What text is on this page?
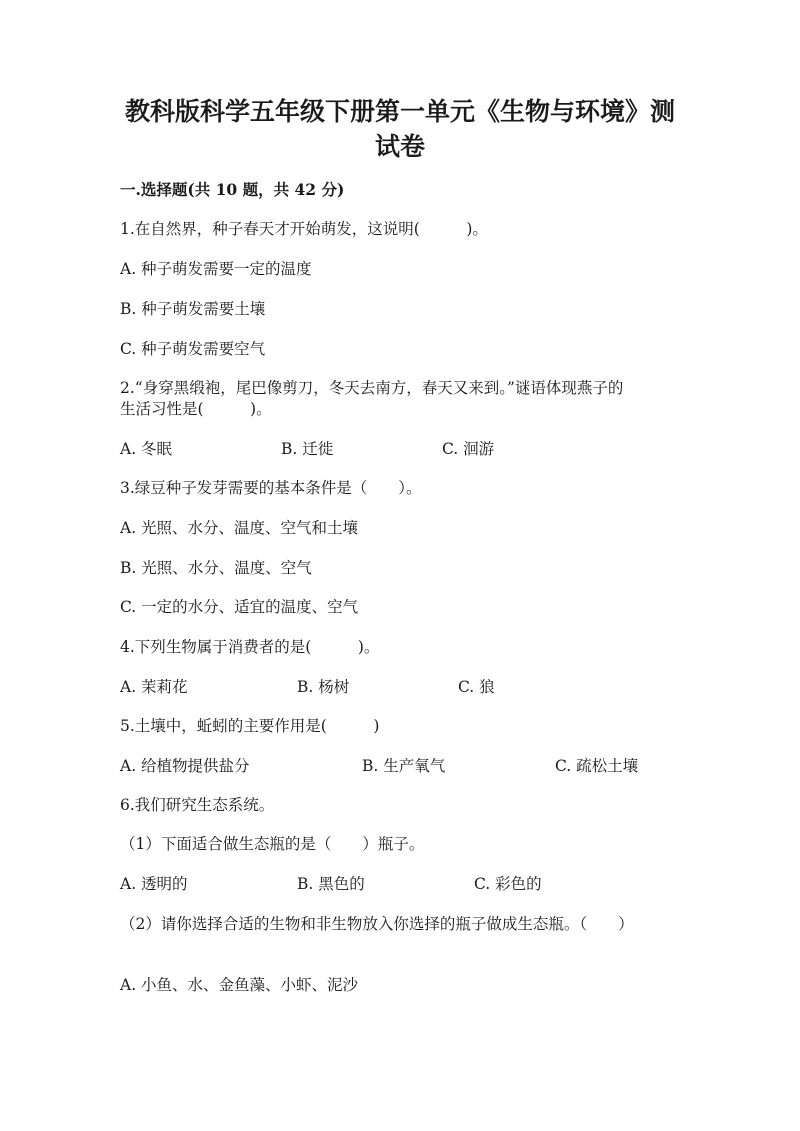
教科版科学五年级下册第一单元《生物与环境》测
试卷
一.选择题(共 10 题，共 42 分)
1.在自然界，种子春天才开始萌发，这说明(　　　)。
A. 种子萌发需要一定的温度
B. 种子萌发需要土壤
C. 种子萌发需要空气
2.“身穿黑缎袍，尾巴像剪刀，冬天去南方，春天又来到。”谜语体现燕子的
生活习性是(　　　)。
A. 冬眠	B. 迁徙	C. 洄游
3.绿豆种子发芽需要的基本条件是（　　）。
A. 光照、水分、温度、空气和土壤
B. 光照、水分、温度、空气
C. 一定的水分、适宜的温度、空气
4.下列生物属于消费者的是(　　　)。
A. 茉莉花	B. 杨树	C. 狼
5.土壤中，蚯蚓的主要作用是(　　　)
A. 给植物提供盐分	B. 生产氧气	C. 疏松土壤
6.我们研究生态系统。
（1）下面适合做生态瓶的是（　　）瓶子。
A. 透明的	B. 黑色的	C. 彩色的
（2）请你选择合适的生物和非生物放入你选择的瓶子做成生态瓶。（　　）
A. 小鱼、水、金鱼藻、小虾、泥沙
